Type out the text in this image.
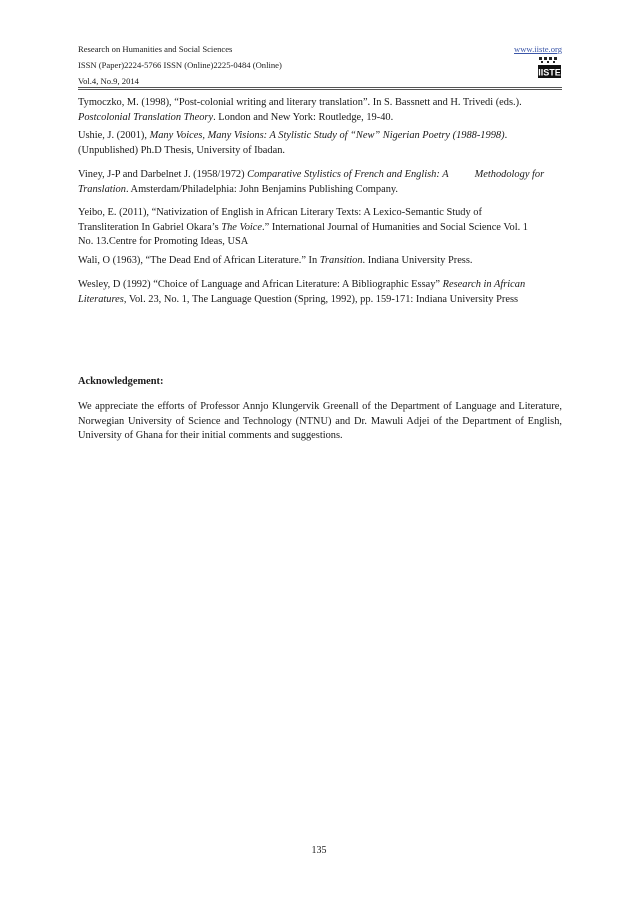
Research on Humanities and Social Sciences	www.iiste.org
ISSN (Paper)2224-5766 ISSN (Online)2225-0484 (Online)
Vol.4, No.9, 2014
IISTE
Tymoczko, M. (1998), “Post-colonial writing and literary translation”. In S. Bassnett and H. Trivedi (eds.).
Postcolonial Translation Theory. London and New York: Routledge, 19-40.
Ushie, J. (2001), Many Voices, Many Visions: A Stylistic Study of “New” Nigerian Poetry (1988-1998).
(Unpublished) Ph.D Thesis, University of Ibadan.
Viney, J-P and Darbelnet J. (1958/1972) Comparative Stylistics of French and English: A	Methodology for
Translation. Amsterdam/Philadelphia: John Benjamins Publishing Company.
Yeibo, E. (2011), “Nativization of English in African Literary Texts: A Lexico-Semantic Study of
Transliteration In Gabriel Okara’s The Voice.” International Journal of Humanities and Social Science Vol. 1
No. 13.Centre for Promoting Ideas, USA
Wali, O (1963), “The Dead End of African Literature.” In Transition. Indiana University Press.
Wesley, D (1992) “Choice of Language and African Literature: A Bibliographic Essay” Research in African
Literatures, Vol. 23, No. 1, The Language Question (Spring, 1992), pp. 159-171: Indiana University Press
Acknowledgement:
We appreciate the efforts of Professor Annjo Klungervik Greenall of the Department of Language and Literature, Norwegian University of Science and Technology (NTNU) and Dr. Mawuli Adjei of the Department of English, University of Ghana for their initial comments and suggestions.
135
